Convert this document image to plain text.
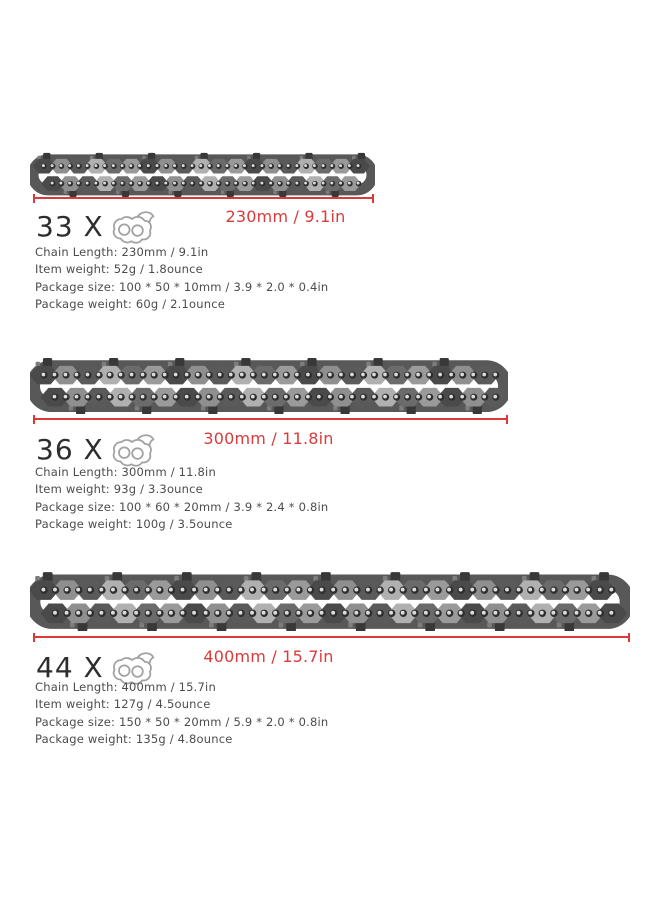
230mm / 9.1in
33 X
Chain Length: 230mm / 9.1in
Item weight: 52g / 1.8ounce
Package size: 100 * 50 * 10mm / 3.9 * 2.0 * 0.4in
Package weight: 60g / 2.1ounce
300mm / 11.8in
36 X
Chain Length: 300mm / 11.8in
Item weight: 93g / 3.3ounce
Package size: 100 * 60 * 20mm / 3.9 * 2.4 * 0.8in
Package weight: 100g / 3.5ounce
400mm / 15.7in
44 X
Chain Length: 400mm / 15.7in
Item weight: 127g / 4.5ounce
Package size: 150 * 50 * 20mm / 5.9 * 2.0 * 0.8in
Package weight: 135g / 4.8ounce
